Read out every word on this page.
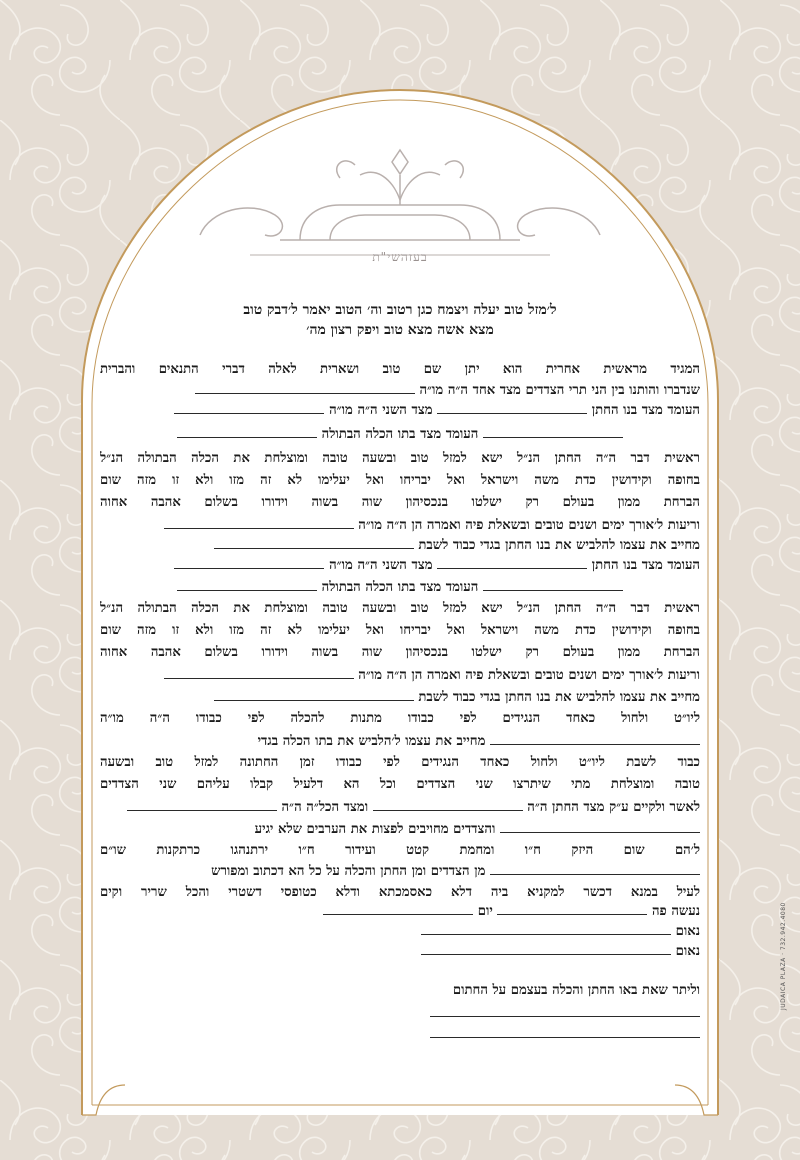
בעזהשי"ת
ל׳מזל טוב יעלה ויצמח כגן רטוב וה׳ הטוב יאמר ל׳דבק טוב
מצא אשה מצא טוב ויפק רצון מה׳
המגיד מראשית אחרית הוא יתן שם טוב ושארית לאלה דברי התנאים והברית
שנדברו והותנו בין הני תרי הצדדים מצד אחד ה״ה מו״ה
העומד מצד בנו החתן  מצד השני ה״ה מו״ה
העומד מצד בתו הכלה הבתולה
ראשית דבר ה״ה החתן הנ״ל ישא למזל טוב ובשעה טובה ומוצלחת את הכלה הבתולה הנ״ל
בחופה וקידושין כדת משה וישראל ואל יבריחו ואל יעלימו לא זה מזו ולא זו מזה שום
הברחת ממון בעולם רק ישלטו בנכסיהון שוה בשוה וידורו בשלום אהבה אחוה
וריעות ל׳אורך ימים ושנים טובים ובשאלת פיה ואמרה הן ה״ה מו״ה
מחייב את עצמו להלביש את בנו החתן בגדי כבוד לשבת
העומד מצד בנו החתן  מצד השני ה״ה מו״ה
העומד מצד בתו הכלה הבתולה
ראשית דבר ה״ה החתן הנ״ל ישא למזל טוב ובשעה טובה ומוצלחת את הכלה הבתולה הנ״ל
בחופה וקידושין כדת משה וישראל ואל יבריחו ואל יעלימו לא זה מזו ולא זו מזה שום
הברחת ממון בעולם רק ישלטו בנכסיהון שוה בשוה וידורו בשלום אהבה אחוה
וריעות ל׳אורך ימים ושנים טובים ובשאלת פיה ואמרה הן ה״ה מו״ה
מחייב את עצמו להלביש את בנו החתן בגדי כבוד לשבת
ליו״ט ולחול כאחד הנגידים לפי כבודו מתנות להכלה לפי כבודו ה״ה מו״ה
מחייב את עצמו ל׳הלביש את בתו הכלה בגדי
כבוד לשבת ליו״ט ולחול כאחד הנגידים לפי כבודו זמן החתונה למזל טוב ובשעה
טובה ומוצלחת מתי שיתרצו שני הצדדים וכל הא דלעיל קבלו עליהם שני הצדדים
לאשר ולקיים ע״ק מצד החתן ה״ה  ומצד הכל״ה ה״ה
והצדדים מחויבים לפצות את הערבים שלא יגיע
ל׳הם שום היזק ח״ו ומחמת קטט ועידור ח״ו ירתנהגו כרתקנות שו״ם
מן הצדדים ומן החתן והכלה על כל הא דכתוב ומפורש
לעיל במנא דכשר למקניא ביה דלא כאסמכתא ודלא כטופסי דשטרי והכל שריר וקים
נעשה פה  יום
נאום
נאום
וליתר שאת באו החתן והכלה בעצמם על החתום	JUDAICA PLAZA · 732.942.4080
